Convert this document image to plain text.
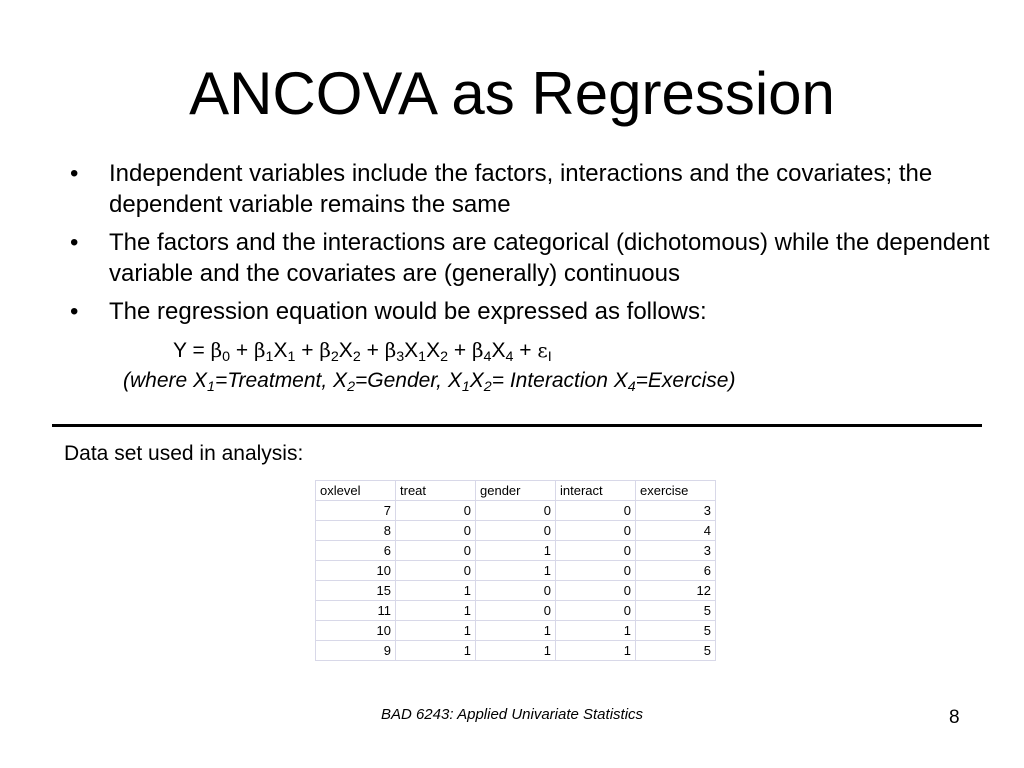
ANCOVA as Regression
• Independent variables include the factors, interactions and the covariates; the dependent variable remains the same
• The factors and the interactions are categorical (dichotomous) while the dependent variable and the covariates are (generally) continuous
• The regression equation would be expressed as follows:
$Y = \beta_0 + \beta_1X_1 + \beta_2X_2 + \beta_3X_1X_2 + \beta_4X_4 + \varepsilon_I$
(where $X_1=Treatment$, $X_2=Gender$, $X_1X_2=$ Interaction $X_4=Exercise$)
Data set used in analysis:
oxlevel	treat	gender	interact	exercise
7	0	0	0	3
8	0	0	0	4
6	0	1	0	3
10	0	1	0	6
15	1	0	0	12
11	1	0	0	5
10	1	1	1	5
9	1	1	1	5
BAD 6243: Applied Univariate Statistics	8
